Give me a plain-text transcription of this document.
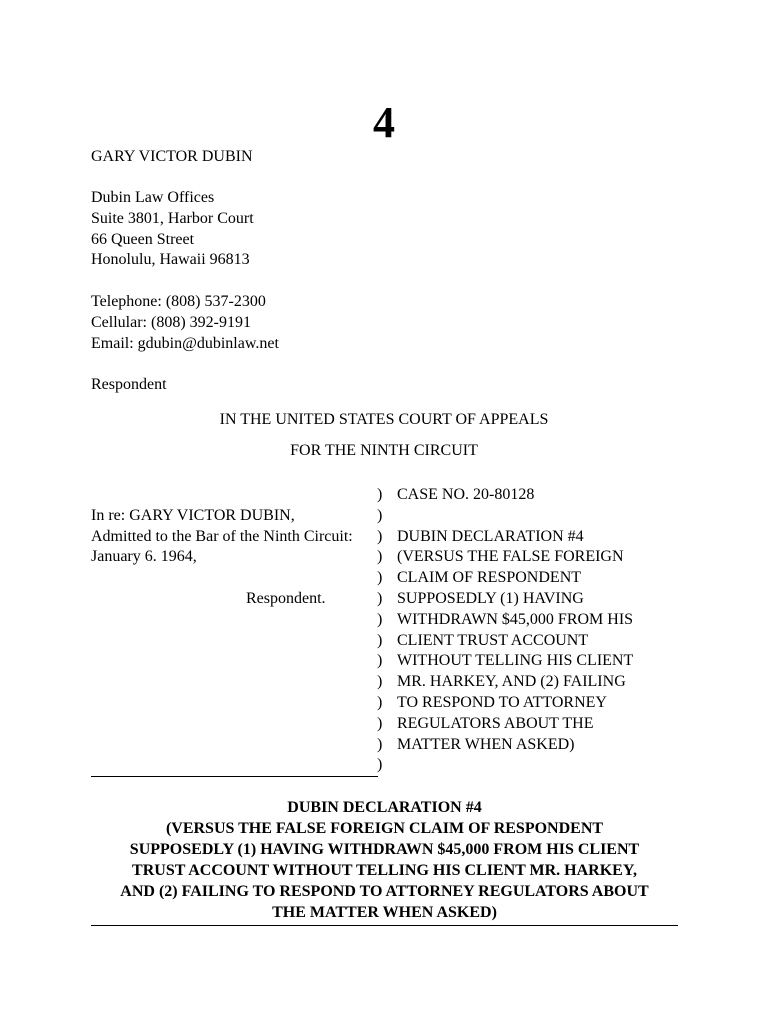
4
GARY VICTOR DUBIN
Dubin Law Offices
Suite 3801, Harbor Court
66 Queen Street
Honolulu, Hawaii 96813
Telephone: (808) 537-2300
Cellular: (808) 392-9191
Email: gdubin@dubinlaw.net
Respondent
IN THE UNITED STATES COURT OF APPEALS
FOR THE NINTH CIRCUIT
In re: GARY VICTOR DUBIN,
Admitted to the Bar of the Ninth Circuit:
January 6. 1964,
Respondent.
)
)
)
)
)
)
)
)
)
)
)
)
)
)
CASE NO. 20-80128
DUBIN DECLARATION #4
(VERSUS THE FALSE FOREIGN
CLAIM OF RESPONDENT
SUPPOSEDLY (1) HAVING
WITHDRAWN $45,000 FROM HIS
CLIENT TRUST ACCOUNT
WITHOUT TELLING HIS CLIENT
MR. HARKEY, AND (2) FAILING
TO RESPOND TO ATTORNEY
REGULATORS ABOUT THE
MATTER WHEN ASKED)
DUBIN DECLARATION #4
(VERSUS THE FALSE FOREIGN CLAIM OF RESPONDENT
SUPPOSEDLY (1) HAVING WITHDRAWN $45,000 FROM HIS CLIENT
TRUST ACCOUNT WITHOUT TELLING HIS CLIENT MR. HARKEY,
AND (2) FAILING TO RESPOND TO ATTORNEY REGULATORS ABOUT
THE MATTER WHEN ASKED)
